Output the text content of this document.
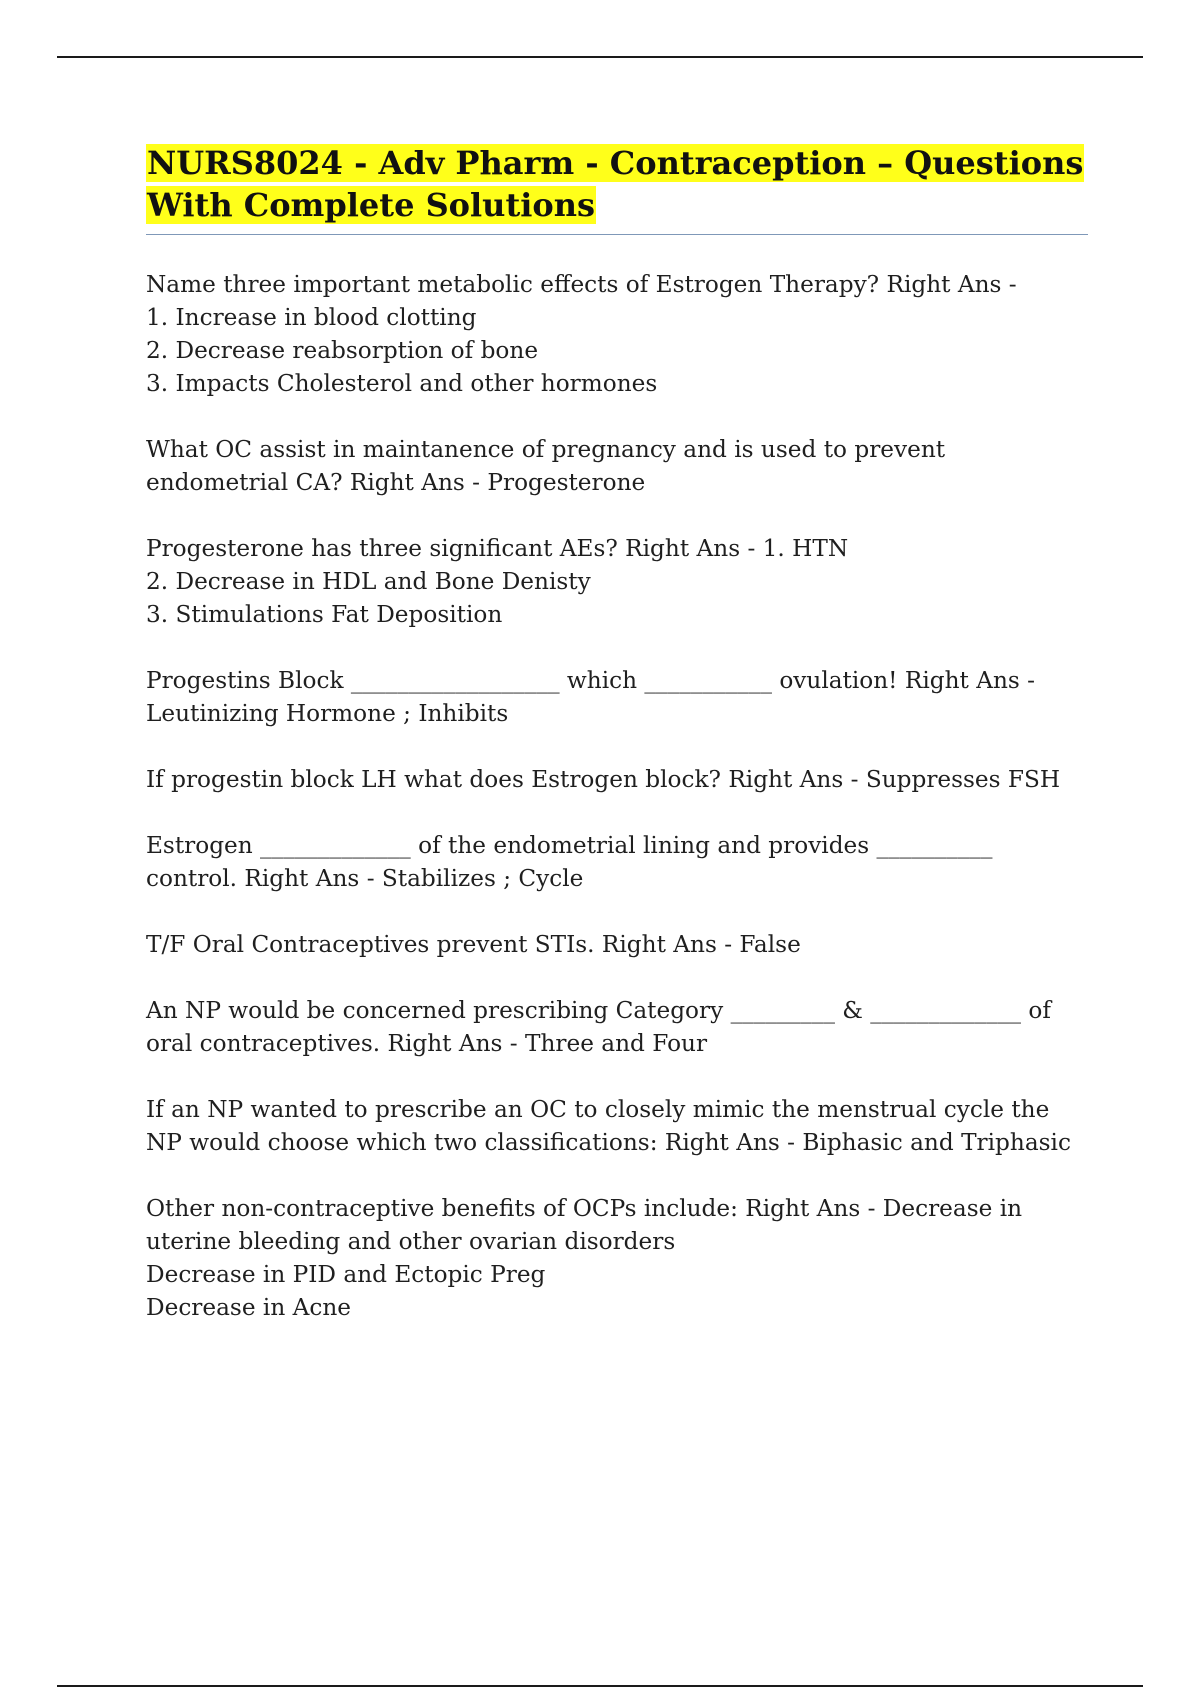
NURS8024 - Adv Pharm - Contraception – Questions With Complete Solutions

Name three important metabolic effects of Estrogen Therapy? Right Ans -
1. Increase in blood clotting
2. Decrease reabsorption of bone
3. Impacts Cholesterol and other hormones

What OC assist in maintanence of pregnancy and is used to prevent endometrial CA? Right Ans - Progesterone

Progesterone has three significant AEs? Right Ans - 1. HTN
2. Decrease in HDL and Bone Denisty
3. Stimulations Fat Deposition

Progestins Block __________________ which ___________ ovulation! Right Ans - Leutinizing Hormone ; Inhibits

If progestin block LH what does Estrogen block? Right Ans - Suppresses FSH

Estrogen _____________ of the endometrial lining and provides __________ control. Right Ans - Stabilizes ; Cycle

T/F Oral Contraceptives prevent STIs. Right Ans - False

An NP would be concerned prescribing Category _________ & _____________ of oral contraceptives. Right Ans - Three and Four

If an NP wanted to prescribe an OC to closely mimic the menstrual cycle the NP would choose which two classifications: Right Ans - Biphasic and Triphasic

Other non-contraceptive benefits of OCPs include: Right Ans - Decrease in uterine bleeding and other ovarian disorders
Decrease in PID and Ectopic Preg
Decrease in Acne
